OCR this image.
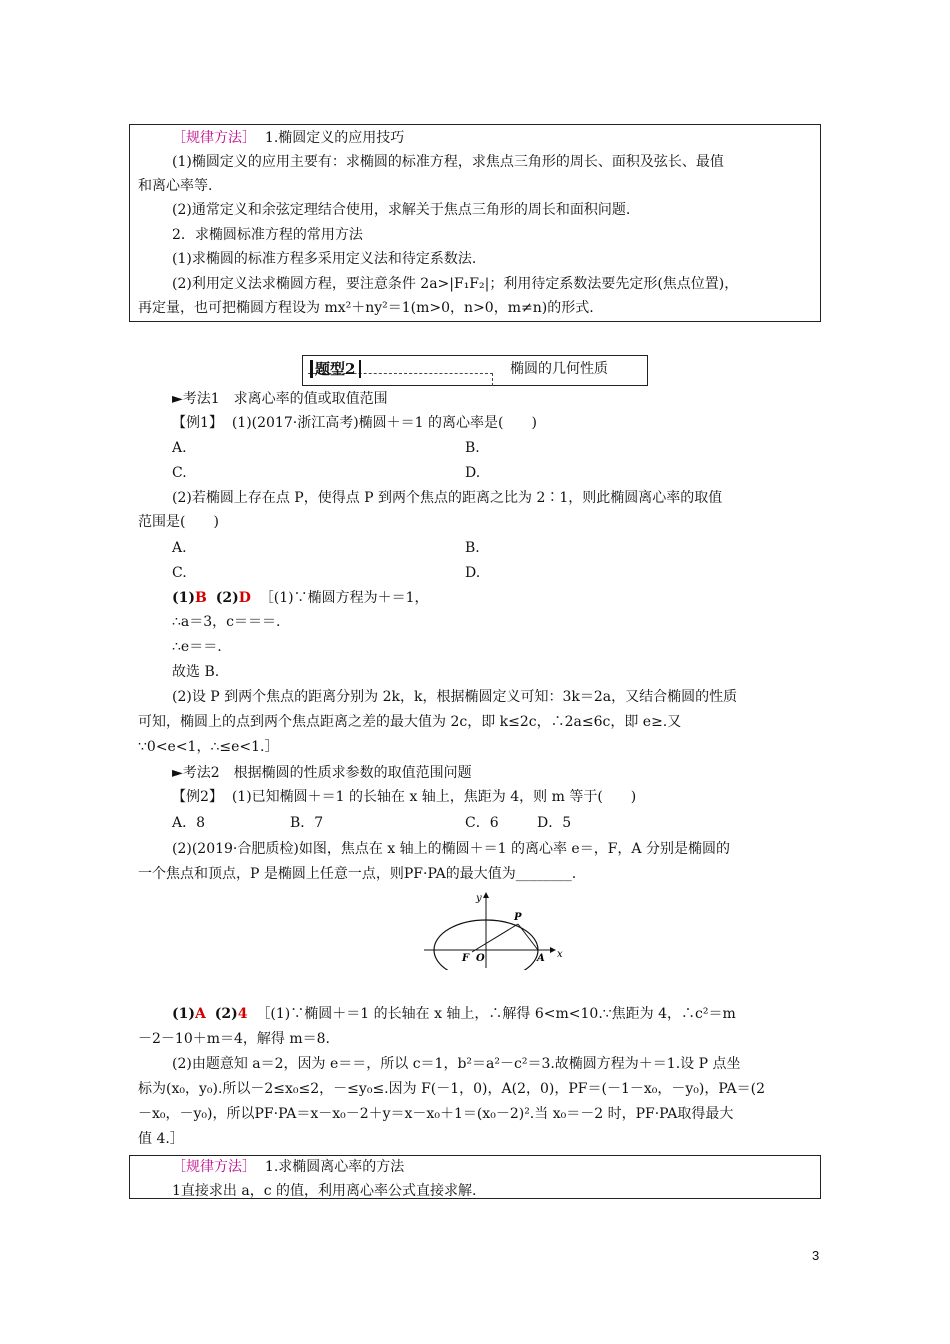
［规律方法］ 1.椭圆定义的应用技巧
(1)椭圆定义的应用主要有：求椭圆的标准方程，求焦点三角形的周长、面积及弦长、最值
和离心率等.
(2)通常定义和余弦定理结合使用，求解关于焦点三角形的周长和面积问题.
2．求椭圆标准方程的常用方法
(1)求椭圆的标准方程多采用定义法和待定系数法.
(2)利用定义法求椭圆方程，要注意条件 2a>|F₁F₂|；利用待定系数法要先定形(焦点位置)，
再定量，也可把椭圆方程设为 mx²＋ny²＝1(m>0，n>0，m≠n)的形式.
题型2	椭圆的几何性质
►考法1　求离心率的值或取值范围
【例1】 (1)(2017·浙江高考)椭圆＋＝1 的离心率是(　　)
A.	B.
C.	D.
(2)若椭圆上存在点 P，使得点 P 到两个焦点的距离之比为 2∶1，则此椭圆离心率的取值
范围是(　　)
A.	B.
C.	D.
(1)B (2)D ［(1)∵椭圆方程为＋＝1，
∴a＝3，c＝＝＝.
∴e＝＝.
故选 B.
(2)设 P 到两个焦点的距离分别为 2k，k，根据椭圆定义可知：3k＝2a，又结合椭圆的性质
可知，椭圆上的点到两个焦点距离之差的最大值为 2c，即 k≤2c，∴2a≤6c，即 e≥.又
∵0<e<1，∴≤e<1.］
►考法2　根据椭圆的性质求参数的取值范围问题
【例2】 (1)已知椭圆＋＝1 的长轴在 x 轴上，焦距为 4，则 m 等于(　　)
A．8	B．7	C．6	D．5
(2)(2019·合肥质检)如图，焦点在 x 轴上的椭圆＋＝1 的离心率 e＝，F，A 分别是椭圆的
一个焦点和顶点，P 是椭圆上任意一点，则PF·PA的最大值为________.
y
x
P
F O	A
(1)A (2)4 ［(1)∵椭圆＋＝1 的长轴在 x 轴上，∴解得 6<m<10.∵焦距为 4，∴c²＝m
－2－10＋m＝4，解得 m＝8.
(2)由题意知 a＝2，因为 e＝＝，所以 c＝1，b²＝a²－c²＝3.故椭圆方程为＋＝1.设 P 点坐
标为(x₀，y₀).所以－2≤x₀≤2，－≤y₀≤.因为 F(－1，0)，A(2，0)，PF＝(－1－x₀，－y₀)，PA＝(2
－x₀，－y₀)，所以PF·PA＝x－x₀－2＋y＝x－x₀＋1＝(x₀－2)².当 x₀＝－2 时，PF·PA取得最大
值 4.］
［规律方法］ 1.求椭圆离心率的方法
1直接求出 a，c 的值，利用离心率公式直接求解.
3
